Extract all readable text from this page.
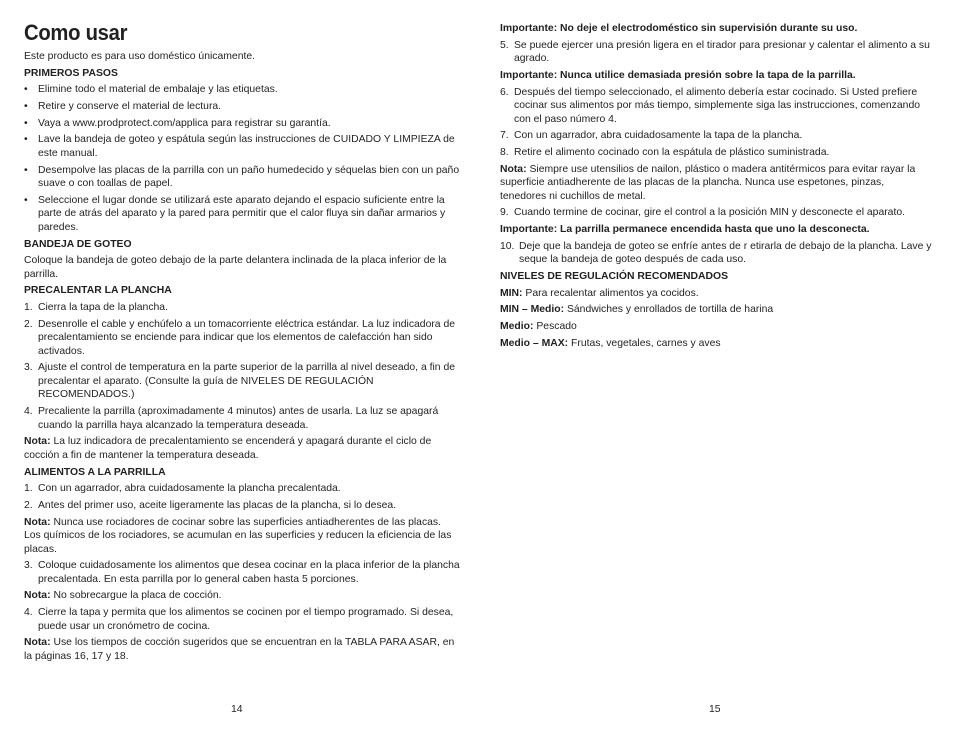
Como usar

Este producto es para uso doméstico únicamente.

PRIMEROS PASOS

• Elimine todo el material de embalaje y las etiquetas.
• Retire y conserve el material de lectura.
• Vaya a www.prodprotect.com/applica para registrar su garantía.
• Lave la bandeja de goteo y espátula según las instrucciones de CUIDADO Y LIMPIEZA de este manual.
• Desempolve las placas de la parrilla con un paño humedecido y séquelas bien con un paño suave o con toallas de papel.
• Seleccione el lugar donde se utilizará este aparato dejando el espacio suficiente entre la parte de atrás del aparato y la pared para permitir que el calor fluya sin dañar armarios y paredes.

BANDEJA DE GOTEO

Coloque la bandeja de goteo debajo de la parte delantera inclinada de la placa inferior de la parrilla.

PRECALENTAR LA PLANCHA

1. Cierra la tapa de la plancha.
2. Desenrolle el cable y enchúfelo a un tomacorriente eléctrica estándar. La luz indicadora de precalentamiento se enciende para indicar que los elementos de calefacción han sido activados.
3. Ajuste el control de temperatura en la parte superior de la parrilla al nivel deseado, a fin de precalentar el aparato. (Consulte la guía de NIVELES DE REGULACIÓN RECOMENDADOS.)
4. Precaliente la parrilla (aproximadamente 4 minutos) antes de usarla. La luz se apagará cuando la parrilla haya alcanzado la temperatura deseada.

Nota: La luz indicadora de precalentamiento se encenderá y apagará durante el ciclo de cocción a fin de mantener la temperatura deseada.

ALIMENTOS A LA PARRILLA

1. Con un agarrador, abra cuidadosamente la plancha precalentada.
2. Antes del primer uso, aceite ligeramente las placas de la plancha, si lo desea.

Nota: Nunca use rociadores de cocinar sobre las superficies antiadherentes de las placas. Los químicos de los rociadores, se acumulan en las superficies y reducen la eficiencia de las placas.

3. Coloque cuidadosamente los alimentos que desea cocinar en la placa inferior de la plancha precalentada. En esta parrilla por lo general caben hasta 5 porciones.

Nota: No sobrecargue la placa de cocción.

4. Cierre la tapa y permita que los alimentos se cocinen por el tiempo programado. Si desea, puede usar un cronómetro de cocina.

Nota: Use los tiempos de cocción sugeridos que se encuentran en la TABLA PARA ASAR, en la páginas 16, 17 y 18.

14

Importante: No deje el electrodoméstico sin supervisión durante su uso.

5. Se puede ejercer una presión ligera en el tirador para presionar y calentar el alimento a su agrado.

Importante: Nunca utilice demasiada presión sobre la tapa de la parrilla.

6. Después del tiempo seleccionado, el alimento debería estar cocinado. Si Usted prefiere cocinar sus alimentos por más tiempo, simplemente siga las instrucciones, comenzando con el paso número 4.
7. Con un agarrador, abra cuidadosamente la tapa de la plancha.
8. Retire el alimento cocinado con la espátula de plástico suministrada.

Nota: Siempre use utensilios de nailon, plástico o madera antitérmicos para evitar rayar la superficie antiadherente de las placas de la plancha. Nunca use espetones, pinzas, tenedores ni cuchillos de metal.

9. Cuando termine de cocinar, gire el control a la posición MIN y desconecte el aparato.

Importante: La parrilla permanece encendida hasta que uno la desconecta.

10. Deje que la bandeja de goteo se enfríe antes de r etirarla de debajo de la plancha. Lave y seque la bandeja de goteo después de cada uso.

NIVELES DE REGULACIÓN RECOMENDADOS

MIN: Para recalentar alimentos ya cocidos.

MIN – Medio: Sándwiches y enrollados de tortilla de harina

Medio: Pescado

Medio – MAX: Frutas, vegetales, carnes y aves

15
